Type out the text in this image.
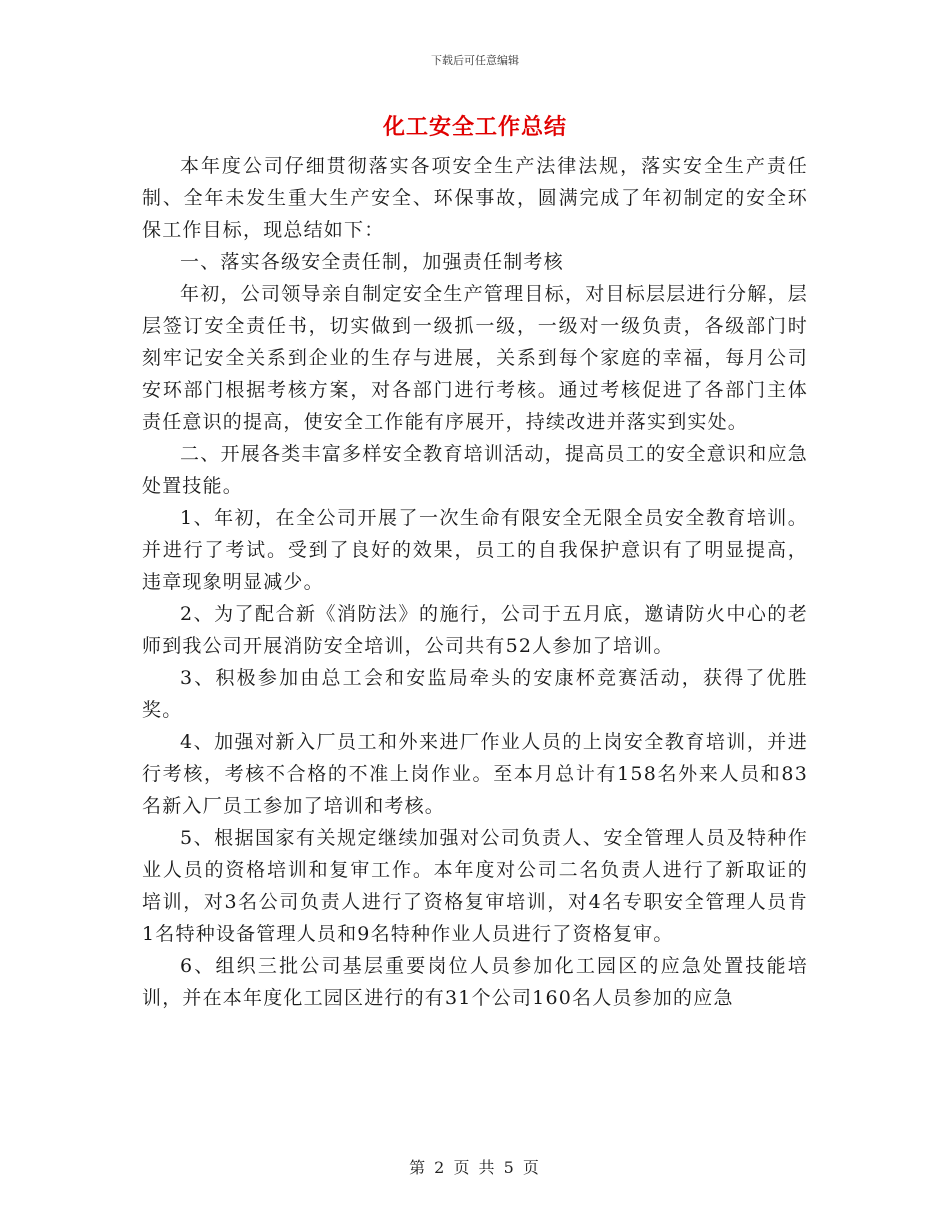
下载后可任意编辑
化工安全工作总结

本年度公司仔细贯彻落实各项安全生产法律法规，落实安全生产责任制、全年未发生重大生产安全、环保事故，圆满完成了年初制定的安全环保工作目标，现总结如下：

一、落实各级安全责任制，加强责任制考核

年初，公司领导亲自制定安全生产管理目标，对目标层层进行分解，层层签订安全责任书，切实做到一级抓一级，一级对一级负责，各级部门时刻牢记安全关系到企业的生存与进展，关系到每个家庭的幸福，每月公司安环部门根据考核方案，对各部门进行考核。通过考核促进了各部门主体责任意识的提高，使安全工作能有序展开，持续改进并落实到实处。

二、开展各类丰富多样安全教育培训活动，提高员工的安全意识和应急处置技能。

1、年初，在全公司开展了一次生命有限安全无限全员安全教育培训。并进行了考试。受到了良好的效果，员工的自我保护意识有了明显提高，违章现象明显减少。

2、为了配合新《消防法》的施行，公司于五月底，邀请防火中心的老师到我公司开展消防安全培训，公司共有52人参加了培训。

3、积极参加由总工会和安监局牵头的安康杯竞赛活动，获得了优胜奖。

4、加强对新入厂员工和外来进厂作业人员的上岗安全教育培训，并进行考核，考核不合格的不准上岗作业。至本月总计有158名外来人员和83名新入厂员工参加了培训和考核。

5、根据国家有关规定继续加强对公司负责人、安全管理人员及特种作业人员的资格培训和复审工作。本年度对公司二名负责人进行了新取证的培训，对3名公司负责人进行了资格复审培训，对4名专职安全管理人员肯1名特种设备管理人员和9名特种作业人员进行了资格复审。

6、组织三批公司基层重要岗位人员参加化工园区的应急处置技能培训，并在本年度化工园区进行的有31个公司160名人员参加的应急

第 2 页 共 5 页
